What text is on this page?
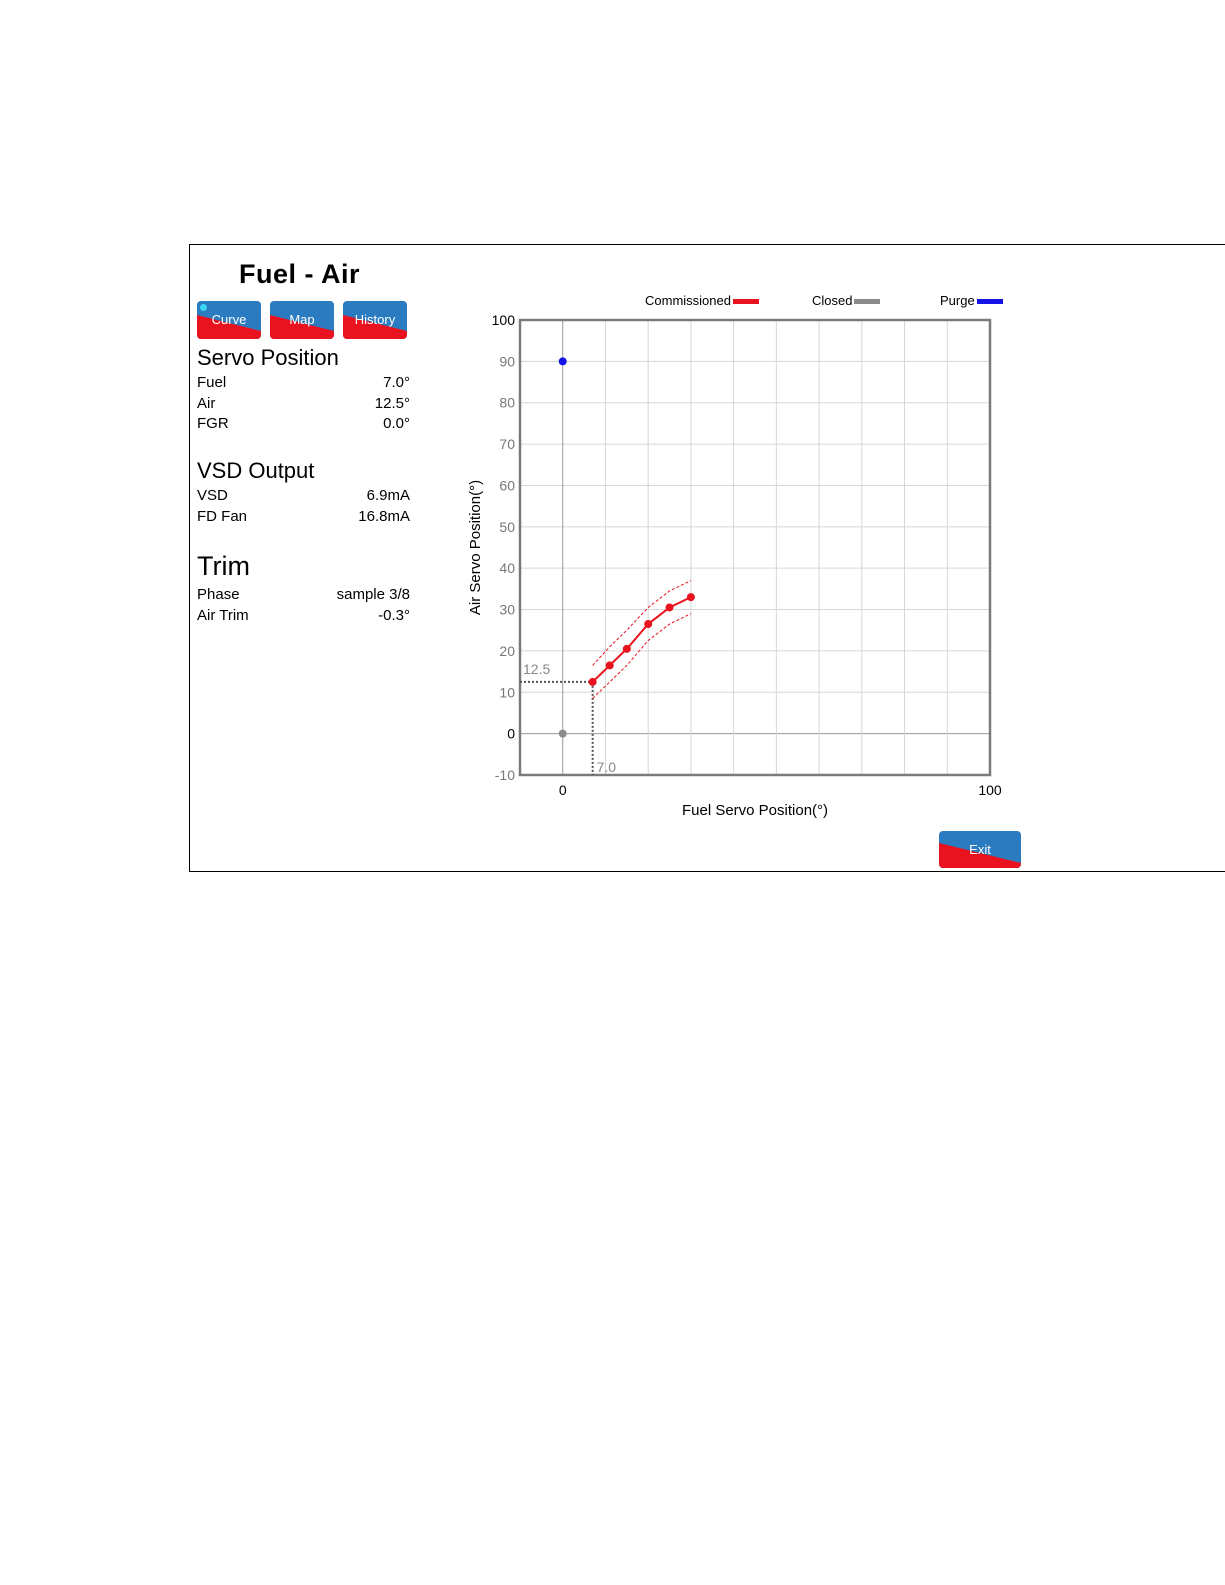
Fuel - Air
Curve	Map	History
Servo Position
Fuel	7.0°
Air	12.5°
FGR	0.0°
VSD Output
VSD	6.9mA
FD Fan	16.8mA
Trim
Phase	sample 3/8
Air Trim	-0.3°
Commissioned	Closed	Purge
100
90
80
70
60
50
40
30
20
10
0
-10
0	100
Fuel Servo Position(°)
Air Servo Position(°)
12.5
7.0
Exit
